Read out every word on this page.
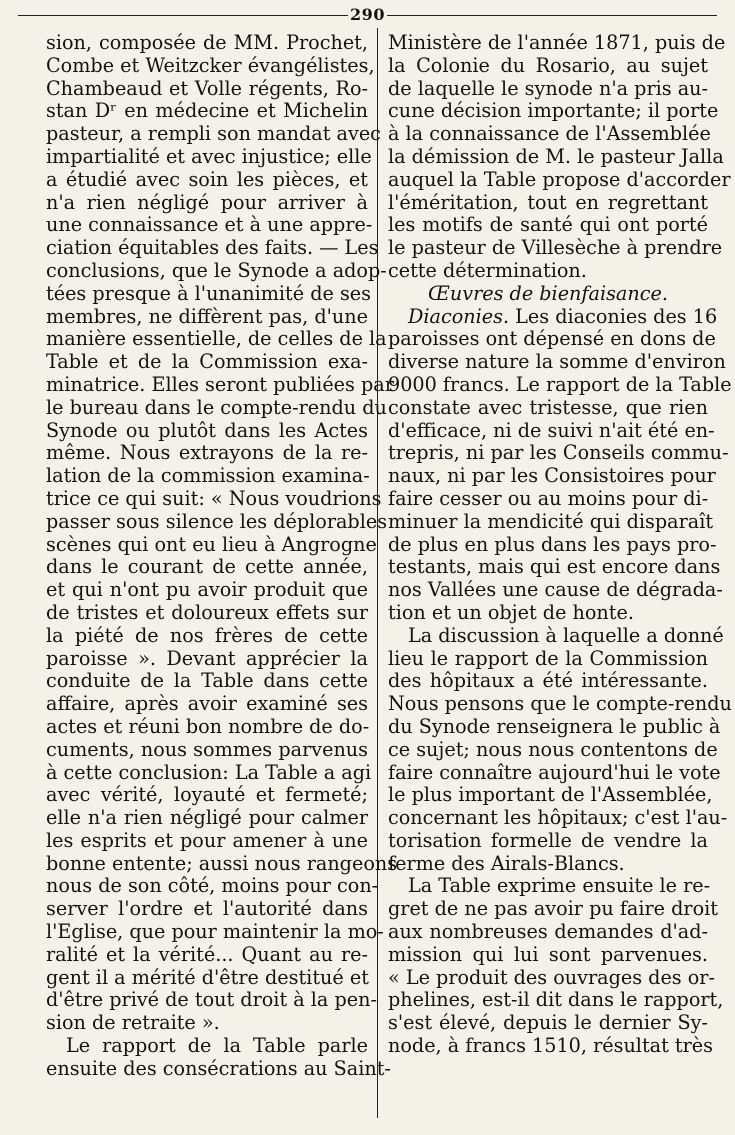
290
sion, composée de MM. Prochet,
Combe et Weitzcker évangélistes,
Chambeaud et Volle régents, Ro-
stan Dʳ en médecine et Michelin
pasteur, a rempli son mandat avec
impartialité et avec injustice; elle
a étudié avec soin les pièces, et
n'a rien négligé pour arriver à
une connaissance et à une appre-
ciation équitables des faits. — Les
conclusions, que le Synode a adop-
tées presque à l'unanimité de ses
membres, ne diffèrent pas, d'une
manière essentielle, de celles de la
Table et de la Commission exa-
minatrice. Elles seront publiées par
le bureau dans le compte-rendu du
Synode ou plutôt dans les Actes
même. Nous extrayons de la re-
lation de la commission examina-
trice ce qui suit: « Nous voudrions
passer sous silence les déplorables
scènes qui ont eu lieu à Angrogne
dans le courant de cette année,
et qui n'ont pu avoir produit que
de tristes et doloureux effets sur
la piété de nos frères de cette
paroisse ». Devant apprécier la
conduite de la Table dans cette
affaire, après avoir examiné ses
actes et réuni bon nombre de do-
cuments, nous sommes parvenus
à cette conclusion: La Table a agi
avec vérité, loyauté et fermeté;
elle n'a rien négligé pour calmer
les esprits et pour amener à une
bonne entente; aussi nous rangeons
nous de son côté, moins pour con-
server l'ordre et l'autorité dans
l'Eglise, que pour maintenir la mo-
ralité et la vérité... Quant au re-
gent il a mérité d'être destitué et
d'être privé de tout droit à la pen-
sion de retraite ».
Le rapport de la Table parle
ensuite des consécrations au Saint-
Ministère de l'année 1871, puis de
la Colonie du Rosario, au sujet
de laquelle le synode n'a pris au-
cune décision importante; il porte
à la connaissance de l'Assemblée
la démission de M. le pasteur Jalla
auquel la Table propose d'accorder
l'éméritation, tout en regrettant
les motifs de santé qui ont porté
le pasteur de Villesèche à prendre
cette détermination.
Œuvres de bienfaisance.
Diaconies. Les diaconies des 16
paroisses ont dépensé en dons de
diverse nature la somme d'environ
9000 francs. Le rapport de la Table
constate avec tristesse, que rien
d'efficace, ni de suivi n'ait été en-
trepris, ni par les Conseils commu-
naux, ni par les Consistoires pour
faire cesser ou au moins pour di-
minuer la mendicité qui disparaît
de plus en plus dans les pays pro-
testants, mais qui est encore dans
nos Vallées une cause de dégrada-
tion et un objet de honte.
La discussion à laquelle a donné
lieu le rapport de la Commission
des hôpitaux a été intéressante.
Nous pensons que le compte-rendu
du Synode renseignera le public à
ce sujet; nous nous contentons de
faire connaître aujourd'hui le vote
le plus important de l'Assemblée,
concernant les hôpitaux; c'est l'au-
torisation formelle de vendre la
ferme des Airals-Blancs.
La Table exprime ensuite le re-
gret de ne pas avoir pu faire droit
aux nombreuses demandes d'ad-
mission qui lui sont parvenues.
« Le produit des ouvrages des or-
phelines, est-il dit dans le rapport,
s'est élevé, depuis le dernier Sy-
node, à francs 1510, résultat très
